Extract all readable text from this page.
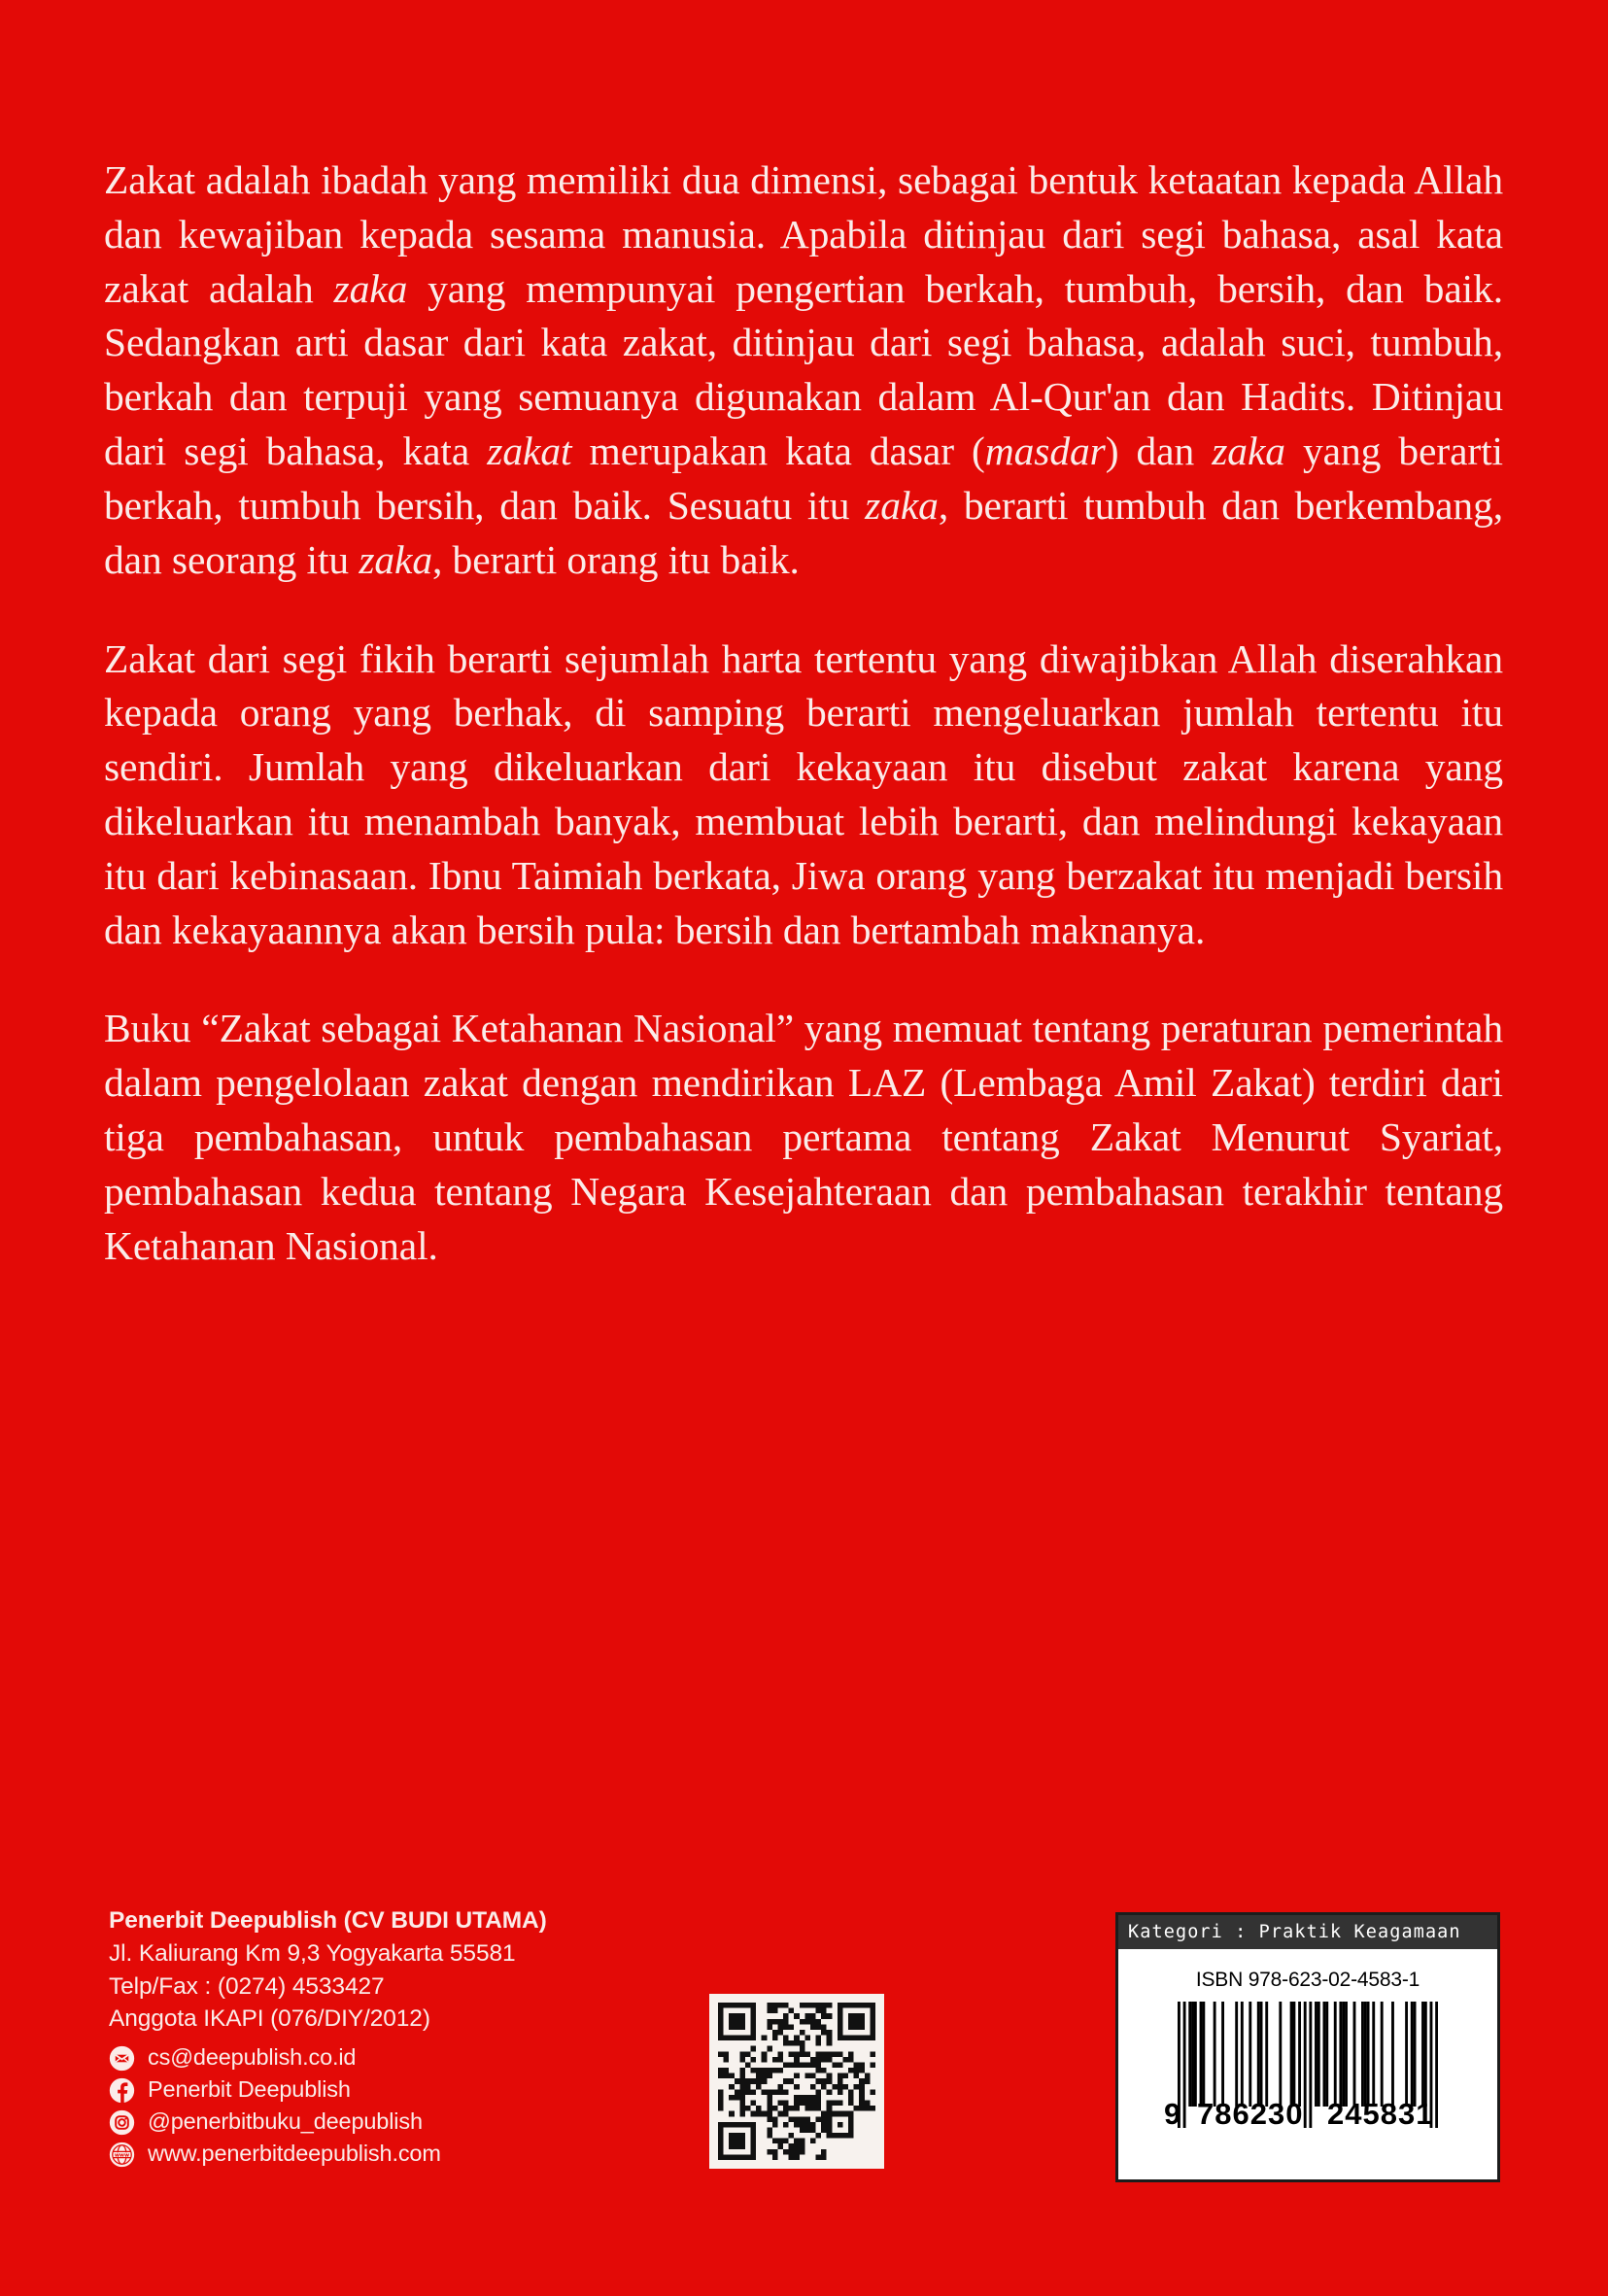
Zakat adalah ibadah yang memiliki dua dimensi, sebagai bentuk ketaatan kepada Allah dan kewajiban kepada sesama manusia. Apabila ditinjau dari segi bahasa, asal kata zakat adalah zaka yang mempunyai pengertian berkah, tumbuh, bersih, dan baik. Sedangkan arti dasar dari kata zakat, ditinjau dari segi bahasa, adalah suci, tumbuh, berkah dan terpuji yang semuanya digunakan dalam Al-Qur'an dan Hadits. Ditinjau dari segi bahasa, kata zakat merupakan kata dasar (masdar) dan zaka yang berarti berkah, tumbuh bersih, dan baik. Sesuatu itu zaka, berarti tumbuh dan berkembang, dan seorang itu zaka, berarti orang itu baik.

Zakat dari segi fikih berarti sejumlah harta tertentu yang diwajibkan Allah diserahkan kepada orang yang berhak, di samping berarti mengeluarkan jumlah tertentu itu sendiri. Jumlah yang dikeluarkan dari kekayaan itu disebut zakat karena yang dikeluarkan itu menambah banyak, membuat lebih berarti, dan melindungi kekayaan itu dari kebinasaan. Ibnu Taimiah berkata, Jiwa orang yang berzakat itu menjadi bersih dan kekayaannya akan bersih pula: bersih dan bertambah maknanya.

Buku “Zakat sebagai Ketahanan Nasional” yang memuat tentang peraturan pemerintah dalam pengelolaan zakat dengan mendirikan LAZ (Lembaga Amil Zakat) terdiri dari tiga pembahasan, untuk pembahasan pertama tentang Zakat Menurut Syariat, pembahasan kedua tentang Negara Kesejahteraan dan pembahasan terakhir tentang Ketahanan Nasional.

Penerbit Deepublish (CV BUDI UTAMA)
Jl. Kaliurang Km 9,3 Yogyakarta 55581
Telp/Fax : (0274) 4533427
Anggota IKAPI (076/DIY/2012)
cs@deepublish.co.id
Penerbit Deepublish
@penerbitbuku_deepublish
www www.penerbitdeepublish.com
Kategori : Praktik Keagamaan
ISBN 978-623-02-4583-1
9 786230 245831
